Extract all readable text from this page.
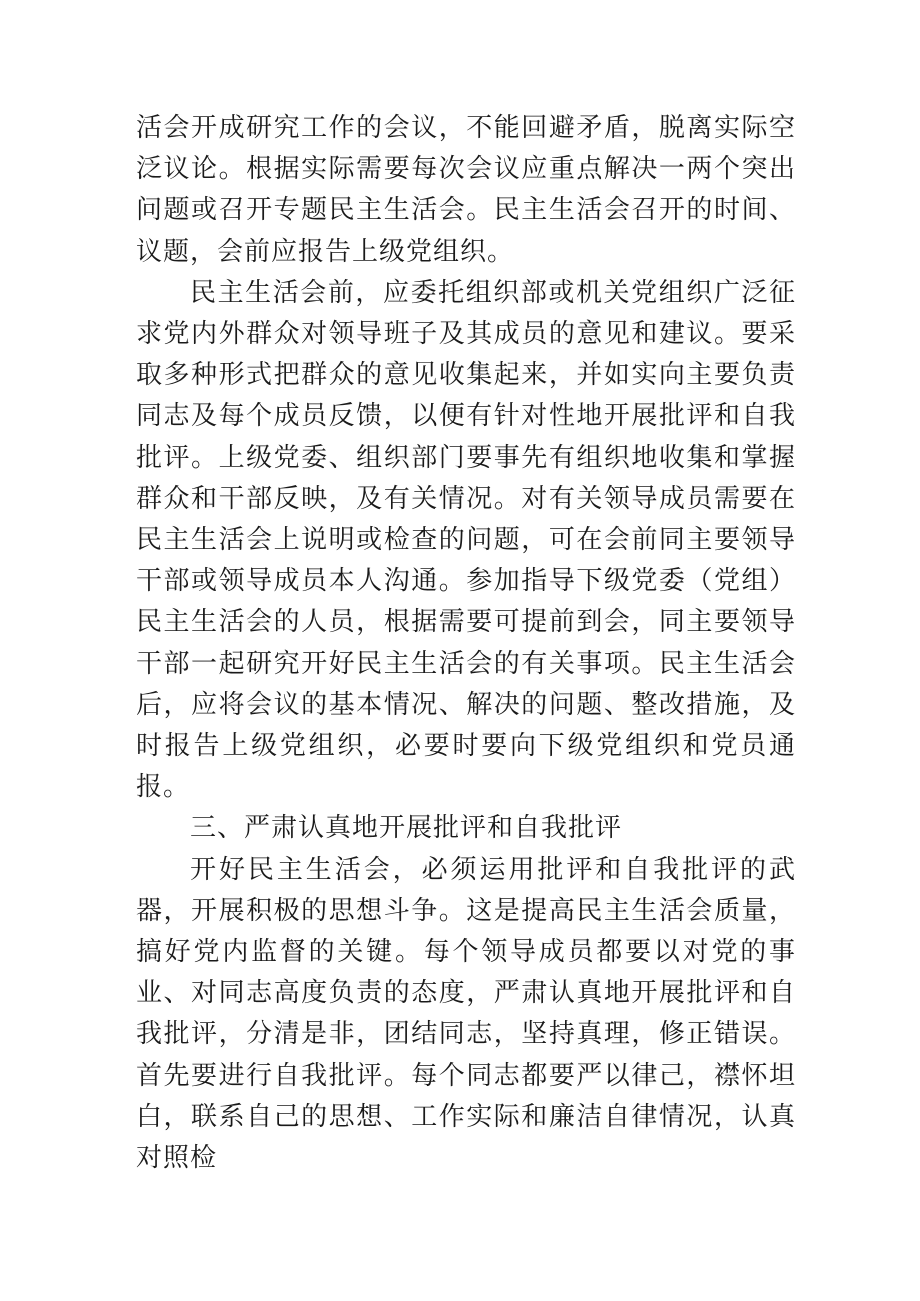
活会开成研究工作的会议，不能回避矛盾，脱离实际空泛议论。根据实际需要每次会议应重点解决一两个突出问题或召开专题民主生活会。民主生活会召开的时间、议题，会前应报告上级党组织。

民主生活会前，应委托组织部或机关党组织广泛征求党内外群众对领导班子及其成员的意见和建议。要采取多种形式把群众的意见收集起来，并如实向主要负责同志及每个成员反馈，以便有针对性地开展批评和自我批评。上级党委、组织部门要事先有组织地收集和掌握群众和干部反映，及有关情况。对有关领导成员需要在民主生活会上说明或检查的问题，可在会前同主要领导干部或领导成员本人沟通。参加指导下级党委（党组）民主生活会的人员，根据需要可提前到会，同主要领导干部一起研究开好民主生活会的有关事项。民主生活会后，应将会议的基本情况、解决的问题、整改措施，及时报告上级党组织，必要时要向下级党组织和党员通报。

三、严肃认真地开展批评和自我批评

开好民主生活会，必须运用批评和自我批评的武器，开展积极的思想斗争。这是提高民主生活会质量，搞好党内监督的关键。每个领导成员都要以对党的事业、对同志高度负责的态度，严肃认真地开展批评和自我批评，分清是非，团结同志，坚持真理，修正错误。首先要进行自我批评。每个同志都要严以律己，襟怀坦白，联系自己的思想、工作实际和廉洁自律情况，认真对照检
